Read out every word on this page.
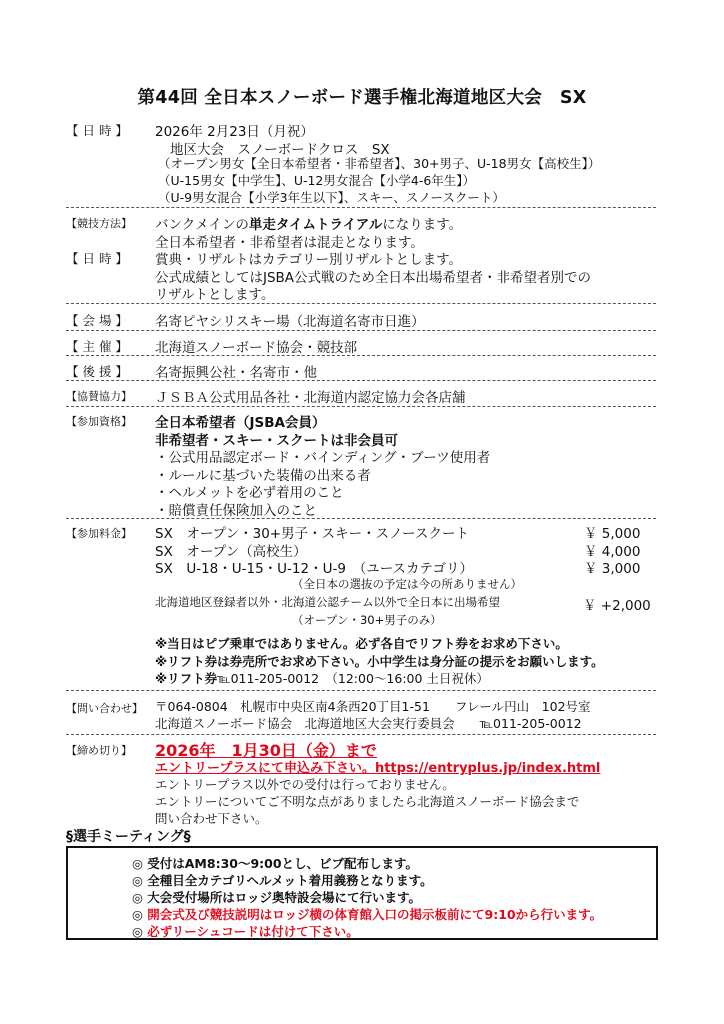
第44回 全日本スノーボード選手権北海道地区大会　SX
【 日 時 】 2026年 2月23日（月祝）
地区大会　スノーボードクロス　SX
（オープン男女【全日本希望者・非希望者】、30+男子、U-18男女【高校生】）
（U-15男女【中学生】、U-12男女混合【小学4-6年生】）
（U-9男女混合【小学3年生以下】、スキー、スノースクート）
【競技方法】 バンクメインの単走タイムトライアルになります。
全日本希望者・非希望者は混走となります。
【 日 時 】 賞典・リザルトはカテゴリー別リザルトとします。
公式成績としてはJSBA公式戦のため全日本出場希望者・非希望者別での
リザルトとします。
【 会 場 】 名寄ピヤシリスキー場（北海道名寄市日進）
【 主 催 】 北海道スノーボード協会・競技部
【 後 援 】 名寄振興公社・名寄市・他
【協賛協力】 ＪＳＢＡ公式用品各社・北海道内認定協力会各店舗
【参加資格】 全日本希望者（JSBA会員）
非希望者・スキー・スクートは非会員可
・公式用品認定ボード・バインディング・ブーツ使用者
・ルールに基づいた装備の出来る者
・ヘルメットを必ず着用のこと
・賠償責任保険加入のこと
【参加料金】 SX　オープン・30+男子・スキー・スノースクート	￥ 5,000
SX　オープン（高校生）	￥ 4,000
SX　U-18・U-15・U-12・U-9　（ユースカテゴリ）	￥ 3,000
（全日本の選抜の予定は今の所ありません）
北海道地区登録者以外・北海道公認チーム以外で全日本に出場希望	￥ +2,000
（オープン・30+男子のみ）
※当日はピブ乗車ではありません。必ず各自でリフト券をお求め下さい。
※リフト券は券売所でお求め下さい。小中学生は身分証の提示をお願いします。
※リフト券℡011-205-0012　 （12:00〜16:00 土日祝休）
【問い合わせ】 〒064-0804　札幌市中央区南4条西20丁目1-51　　フレール円山　102号室
北海道スノーボード協会　北海道地区大会実行委員会　　℡011-205-0012
【締め切り】 2026年　1月30日（金）まで
エントリープラスにて申込み下さい。https://entryplus.jp/index.html
エントリープラス以外での受付は行っておりません。
エントリーについてご不明な点がありましたら北海道スノーボード協会まで
問い合わせ下さい。
§選手ミーティング§
◎ 受付はAM8:30～9:00とし、ビブ配布します。
◎ 全種目全カテゴリヘルメット着用義務となります。
◎ 大会受付場所はロッジ奥特設会場にて行います。
◎ 開会式及び競技説明はロッジ横の体育館入口の掲示板前にて9:10から行います。
◎ 必ずリーシュコードは付けて下さい。
